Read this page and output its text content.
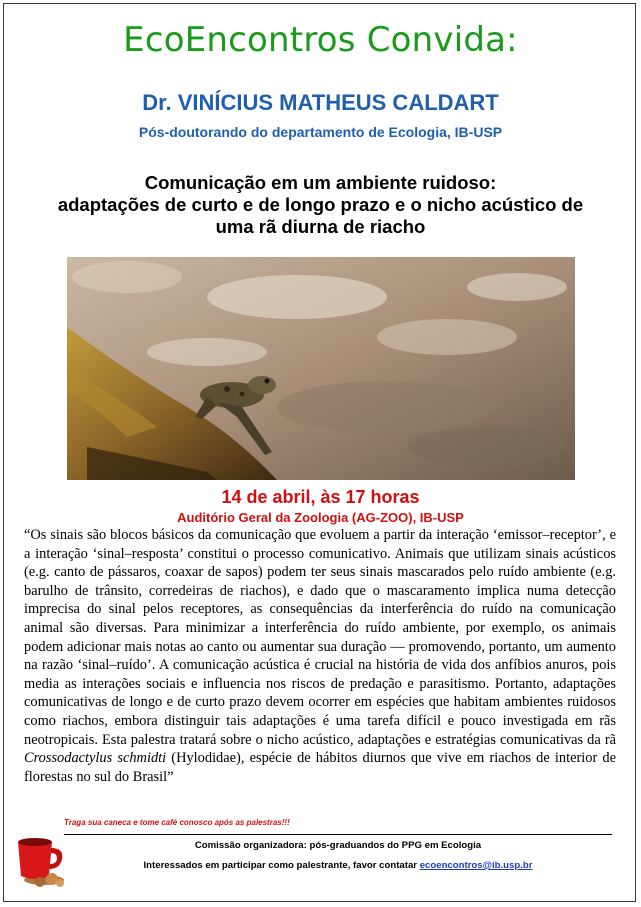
EcoEncontros Convida:
Dr. VINÍCIUS MATHEUS CALDART
Pós-doutorando do departamento de Ecologia, IB-USP
Comunicação em um ambiente ruidoso:
adaptações de curto e de longo prazo e o nicho acústico de
uma rã diurna de riacho
14 de abril, às 17 horas
Auditório Geral da Zoologia (AG-ZOO), IB-USP

“Os sinais são blocos básicos da comunicação que evoluem a partir da interação ‘emissor–receptor’, e a interação ‘sinal–resposta’ constitui o processo comunicativo. Animais que utilizam sinais acústicos (e.g. canto de pássaros, coaxar de sapos) podem ter seus sinais mascarados pelo ruído ambiente (e.g. barulho de trânsito, corredeiras de riachos), e dado que o mascaramento implica numa detecção imprecisa do sinal pelos receptores, as consequências da interferência do ruído na comunicação animal são diversas. Para minimizar a interferência do ruído ambiente, por exemplo, os animais podem adicionar mais notas ao canto ou aumentar sua duração — promovendo, portanto, um aumento na razão ‘sinal–ruído’. A comunicação acústica é crucial na história de vida dos anfíbios anuros, pois media as interações sociais e influencia nos riscos de predação e parasitismo. Portanto, adaptações comunicativas de longo e de curto prazo devem ocorrer em espécies que habitam ambientes ruidosos como riachos, embora distinguir tais adaptações é uma tarefa difícil e pouco investigada em rãs neotropicais. Esta palestra tratará sobre o nicho acústico, adaptações e estratégias comunicativas da rã Crossodactylus schmidti (Hylodidae), espécie de hábitos diurnos que vive em riachos de interior de florestas no sul do Brasil”

Traga sua caneca e tome café conosco após as palestras!!!
Comissão organizadora: pós-graduandos do PPG em Ecologia
Interessados em participar como palestrante, favor contatar ecoencontros@ib.usp.br
